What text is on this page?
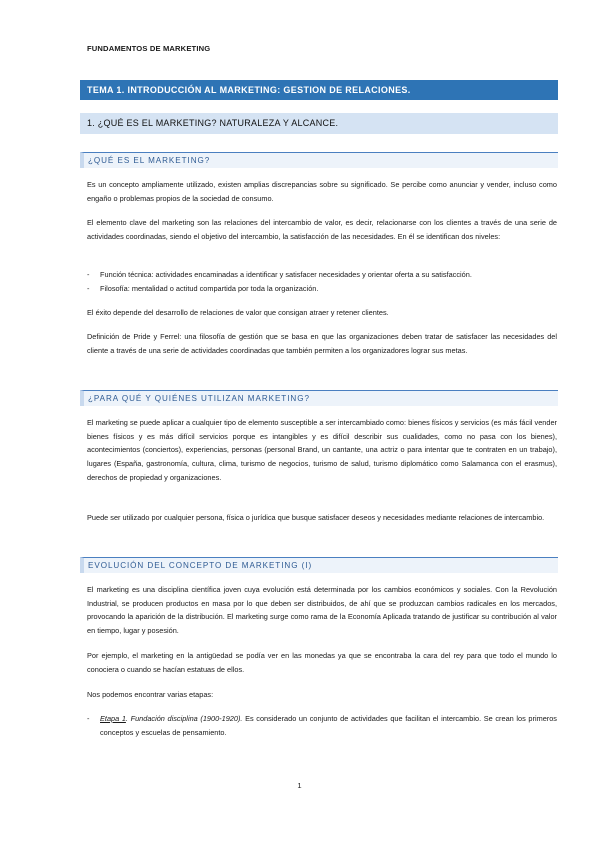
FUNDAMENTOS DE MARKETING
TEMA 1. INTRODUCCIÓN AL MARKETING: GESTION DE RELACIONES.
1. ¿QUÉ ES EL MARKETING? NATURALEZA Y ALCANCE.
¿QUÉ ES EL MARKETING?

Es un concepto ampliamente utilizado, existen amplias discrepancias sobre su significado. Se percibe como anunciar y vender, incluso como engaño o problemas propios de la sociedad de consumo.

El elemento clave del marketing son las relaciones del intercambio de valor, es decir, relacionarse con los clientes a través de una serie de actividades coordinadas, siendo el objetivo del intercambio, la satisfacción de las necesidades. En él se identifican dos niveles:

- Función técnica: actividades encaminadas a identificar y satisfacer necesidades y orientar oferta a su satisfacción.
- Filosofía: mentalidad o actitud compartida por toda la organización.

El éxito depende del desarrollo de relaciones de valor que consigan atraer y retener clientes.

Definición de Pride y Ferrel: una filosofía de gestión que se basa en que las organizaciones deben tratar de satisfacer las necesidades del cliente a través de una serie de actividades coordinadas que también permiten a los organizadores lograr sus metas.

¿PARA QUÉ Y QUIÉNES UTILIZAN MARKETING?

El marketing se puede aplicar a cualquier tipo de elemento susceptible a ser intercambiado como: bienes físicos y servicios (es más fácil vender bienes físicos y es más difícil servicios porque es intangibles y es difícil describir sus cualidades, como no pasa con los bienes), acontecimientos (conciertos), experiencias, personas (personal Brand, un cantante, una actriz o para intentar que te contraten en un trabajo), lugares (España, gastronomía, cultura, clima, turismo de negocios, turismo de salud, turismo diplomático como Salamanca con el erasmus), derechos de propiedad y organizaciones.

Puede ser utilizado por cualquier persona, física o jurídica que busque satisfacer deseos y necesidades mediante relaciones de intercambio.

EVOLUCIÓN DEL CONCEPTO DE MARKETING (I)

El marketing es una disciplina científica joven cuya evolución está determinada por los cambios económicos y sociales. Con la Revolución Industrial, se producen productos en masa por lo que deben ser distribuidos, de ahí que se produzcan cambios radicales en los mercados, provocando la aparición de la distribución. El marketing surge como rama de la Economía Aplicada tratando de justificar su contribución al valor en tiempo, lugar y posesión.

Por ejemplo, el marketing en la antigüedad se podía ver en las monedas ya que se encontraba la cara del rey para que todo el mundo lo conociera o cuando se hacían estatuas de ellos.

Nos podemos encontrar varias etapas:

- Etapa 1. Fundación disciplina (1900-1920). Es considerado un conjunto de actividades que facilitan el intercambio. Se crean los primeros conceptos y escuelas de pensamiento.
1
